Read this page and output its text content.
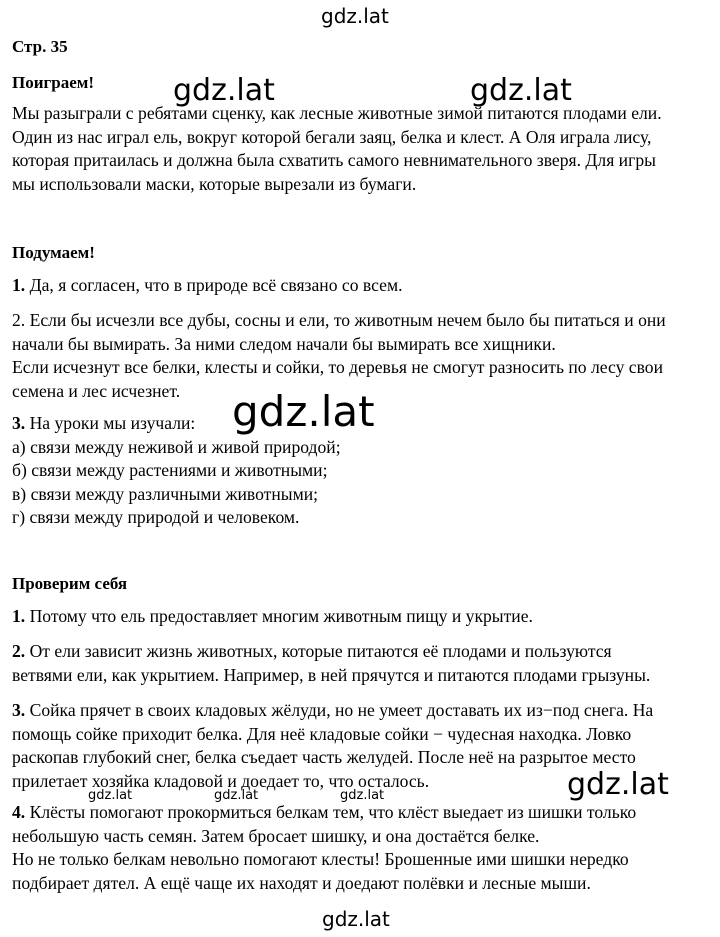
gdz.lat
gdz.lat	gdz.lat
gdz.lat
gdz.lat
gdz.lat	gdz.lat	gdz.lat
gdz.lat
Стр. 35
Поиграем!
Мы разыграли с ребятами сценку, как лесные животные зимой питаются плодами ели.
Один из нас играл ель, вокруг которой бегали заяц, белка и клест. А Оля играла лису,
которая притаилась и должна была схватить самого невнимательного зверя. Для игры
мы использовали маски, которые вырезали из бумаги.
Подумаем!
1. Да, я согласен, что в природе всё связано со всем.
2. Если бы исчезли все дубы, сосны и ели, то животным нечем было бы питаться и они
начали бы вымирать. За ними следом начали бы вымирать все хищники.
Если исчезнут все белки, клесты и сойки, то деревья не смогут разносить по лесу свои
семена и лес исчезнет.
3. На уроки мы изучали:
а) связи между неживой и живой природой;
б) связи между растениями и животными;
в) связи между различными животными;
г) связи между природой и человеком.
Проверим себя
1. Потому что ель предоставляет многим животным пищу и укрытие.
2. От ели зависит жизнь животных, которые питаются её плодами и пользуются
ветвями ели, как укрытием. Например, в ней прячутся и питаются плодами грызуны.
3. Сойка прячет в своих кладовых жёлуди, но не умеет доставать их из−под снега. На
помощь сойке приходит белка. Для неё кладовые сойки − чудесная находка. Ловко
раскопав глубокий снег, белка съедает часть желудей. После неё на разрытое место
прилетает хозяйка кладовой и доедает то, что осталось.
4. Клёсты помогают прокормиться белкам тем, что клёст выедает из шишки только
небольшую часть семян. Затем бросает шишку, и она достаётся белке.
Но не только белкам невольно помогают клесты! Брошенные ими шишки нередко
подбирает дятел. А ещё чаще их находят и доедают полёвки и лесные мыши.
